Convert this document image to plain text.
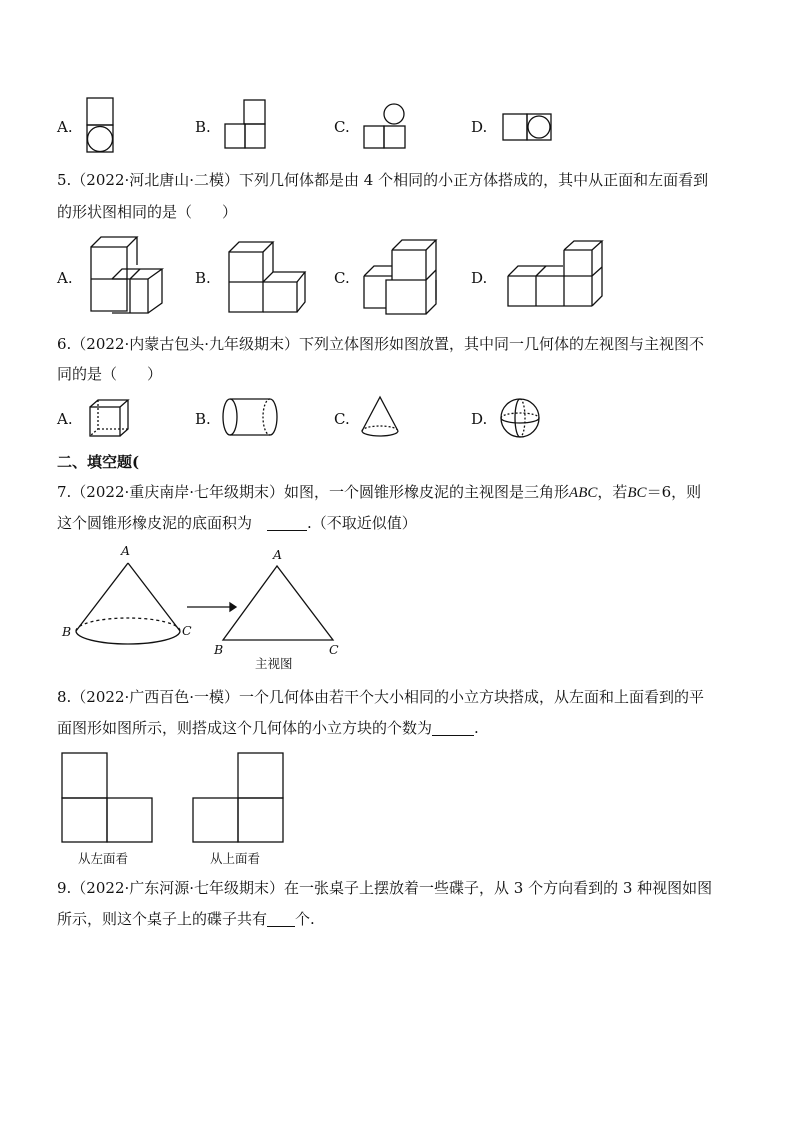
A.	B.	C.	D.
5.（2022·河北唐山·二模）下列几何体都是由 4 个相同的小正方体搭成的，其中从正面和左面看到
的形状图相同的是（　　）
A.	B.	C.	D.
6.（2022·内蒙古包头·九年级期末）下列立体图形如图放置，其中同一几何体的左视图与主视图不
同的是（　　）
A.	B.	C.	D.
二、填空题(
7.（2022·重庆南岸·七年级期末）如图，一个圆锥形橡皮泥的主视图是三角形ABC，若BC＝6，则
这个圆锥形橡皮泥的底面积为　	.（不取近似值）
A
B	C
A
B	C
主视图
8.（2022·广西百色·一模）一个几何体由若干个大小相同的小立方块搭成，从左面和上面看到的平
面图形如图所示，则搭成这个几何体的小立方块的个数为	.
从左面看	从上面看
9.（2022·广东河源·七年级期末）在一张桌子上摆放着一些碟子，从 3 个方向看到的 3 种视图如图
所示，则这个桌子上的碟子共有 个.
